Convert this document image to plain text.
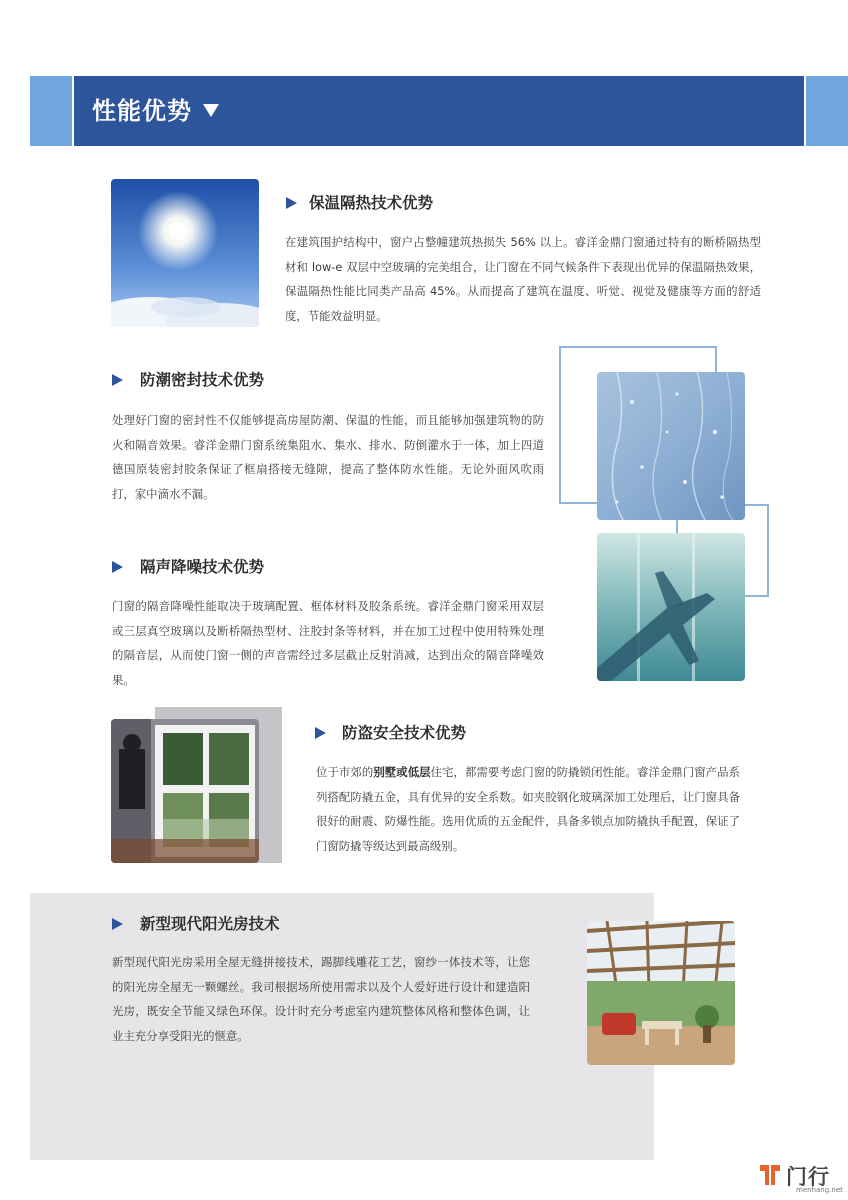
性能优势
保温隔热技术优势
在建筑围护结构中，窗户占整幢建筑热损失 56% 以上。睿洋金鼎门窗通过特有的断桥隔热型材和 low-e 双层中空玻璃的完美组合，让门窗在不同气候条件下表现出优异的保温隔热效果，保温隔热性能比同类产品高 45%。从而提高了建筑在温度、听觉、视觉及健康等方面的舒适度，节能效益明显。
防潮密封技术优势
处理好门窗的密封性不仅能够提高房屋防潮、保温的性能，而且能够加强建筑物的防火和隔音效果。睿洋金鼎门窗系统集阻水、集水、排水、防倒灌水于一体，加上四道德国原装密封胶条保证了框扇搭接无缝隙，提高了整体防水性能。无论外面风吹雨打，家中滴水不漏。
隔声降噪技术优势
门窗的隔音降噪性能取决于玻璃配置、框体材料及胶条系统。睿洋金鼎门窗采用双层或三层真空玻璃以及断桥隔热型材、注胶封条等材料，并在加工过程中使用特殊处理的隔音层，从而使门窗一侧的声音需经过多层截止反射消减，达到出众的隔音降噪效果。
防盗安全技术优势
位于市郊的别墅或低层住宅，都需要考虑门窗的防撬锁闭性能。睿洋金鼎门窗产品系列搭配防撬五金，具有优异的安全系数。如夹胶钢化玻璃深加工处理后，让门窗具备很好的耐震、防爆性能。选用优质的五金配件，具备多锁点加防撬执手配置，保证了门窗防撬等级达到最高级别。
新型现代阳光房技术
新型现代阳光房采用全屋无缝拼接技术，踢脚线雕花工艺，窗纱一体技术等，让您的阳光房全屋无一颗螺丝。我司根据场所使用需求以及个人爱好进行设计和建造阳光房，既安全节能又绿色环保。设计时充分考虑室内建筑整体风格和整体色调，让业主充分享受阳光的惬意。
门行
menhang.net
